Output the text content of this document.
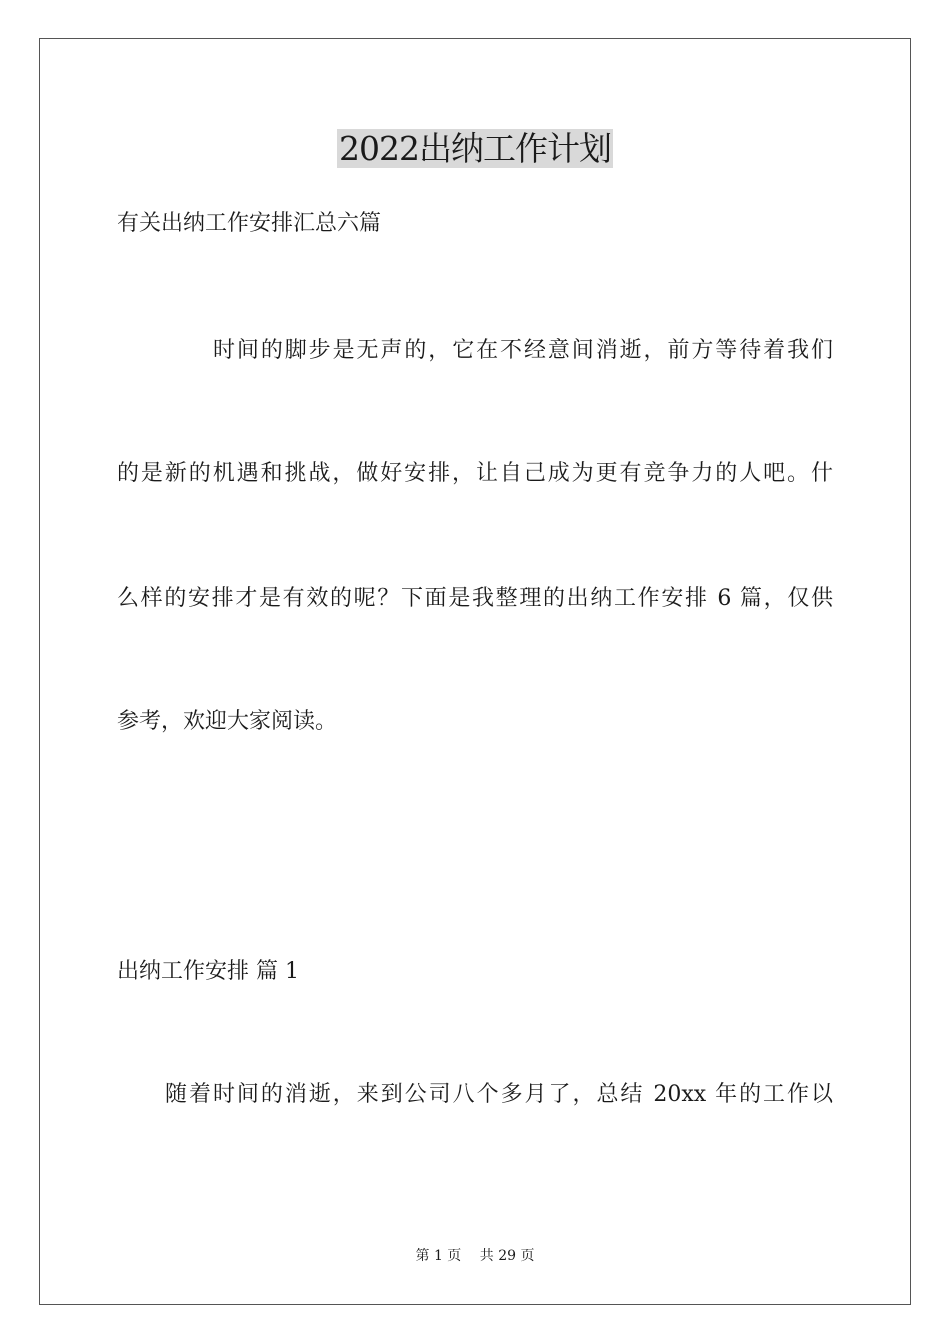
2022出纳工作计划
有关出纳工作安排汇总六篇
时间的脚步是无声的，它在不经意间消逝，前方等待着我们
的是新的机遇和挑战，做好安排，让自己成为更有竞争力的人吧。什
么样的安排才是有效的呢？下面是我整理的出纳工作安排 6 篇，仅供
参考，欢迎大家阅读。
出纳工作安排 篇 1
随着时间的消逝，来到公司八个多月了，总结 20xx 年的工作以
第 1 页　 共 29 页
